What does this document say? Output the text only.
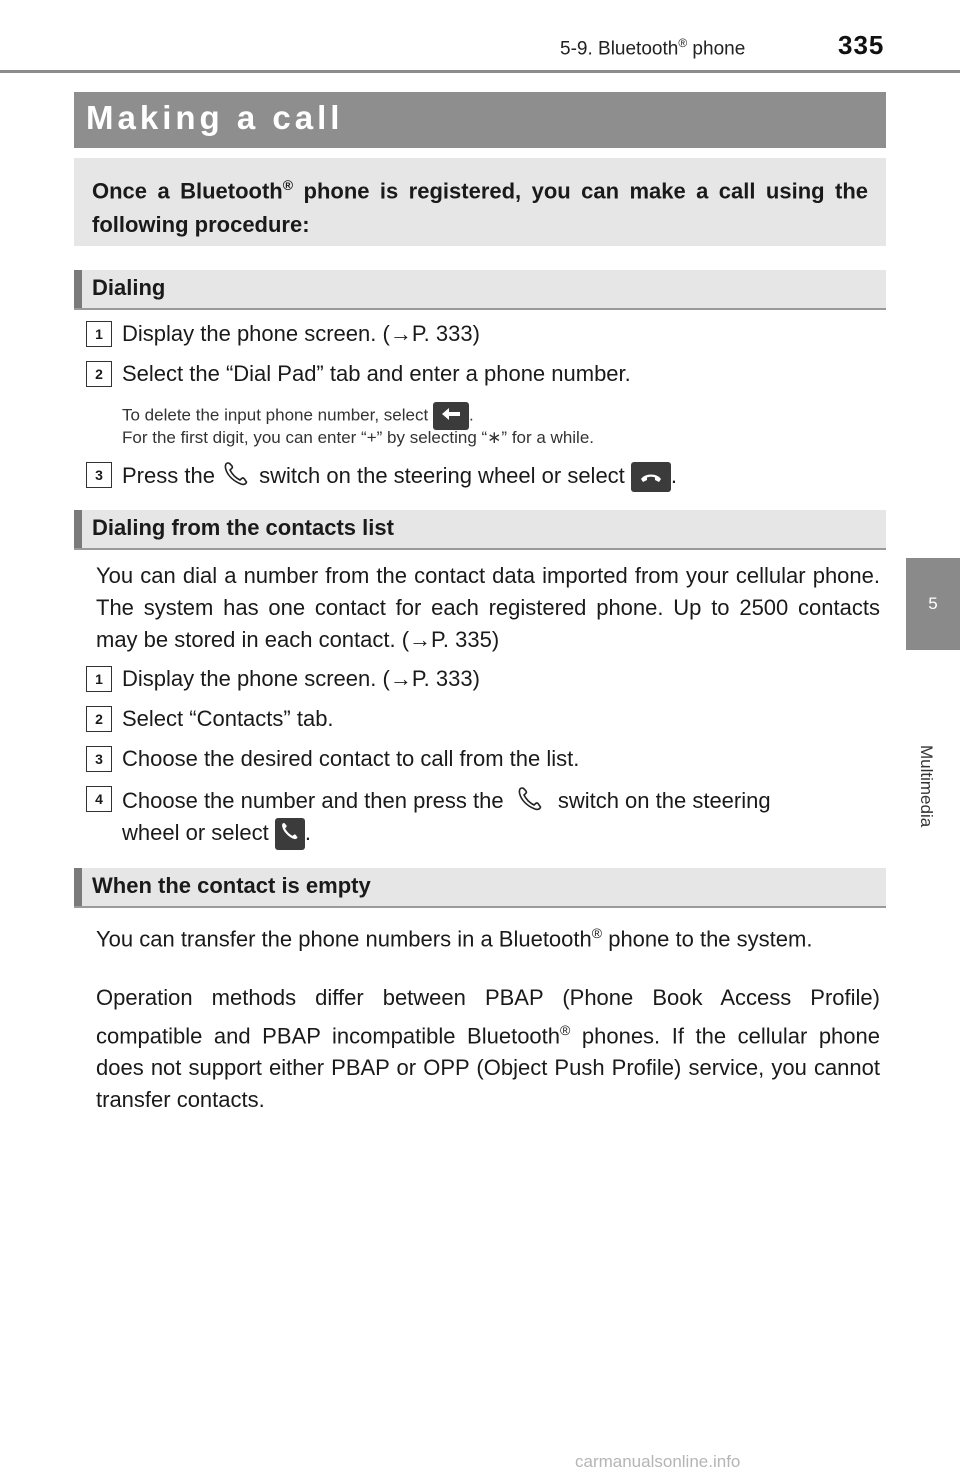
5-9. Bluetooth® phone	335
5
Multimedia
Making a call
Once a Bluetooth® phone is registered, you can make a call using the following procedure:
Dialing
1 Display the phone screen. (→P. 333)
2 Select the “Dial Pad” tab and enter a phone number.
To delete the input phone number, select .
For the first digit, you can enter “+” by selecting “∗” for a while.
3 Press the  switch on the steering wheel or select .
Dialing from the contacts list
You can dial a number from the contact data imported from your cellular phone. The system has one contact for each registered phone. Up to 2500 contacts may be stored in each contact. (→P. 335)
1 Display the phone screen. (→P. 333)
2 Select “Contacts” tab.
3 Choose the desired contact to call from the list.
4 Choose the number and then press the  switch on the steering
wheel or select .
When the contact is empty
You can transfer the phone numbers in a Bluetooth® phone to the system.
Operation methods differ between PBAP (Phone Book Access Profile) compatible and PBAP incompatible Bluetooth® phones. If the cellular phone does not support either PBAP or OPP (Object Push Profile) service, you cannot transfer contacts.
carmanualsonline.info
